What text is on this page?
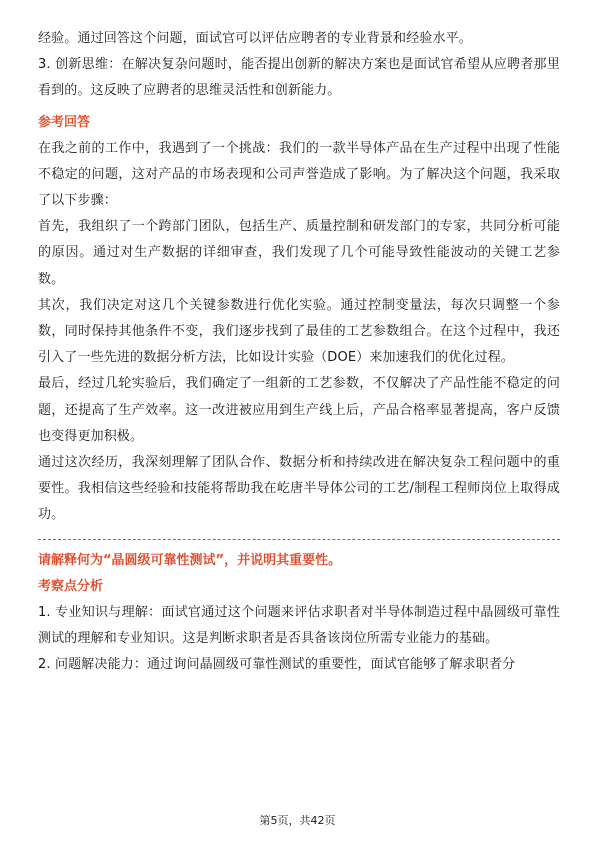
经验。通过回答这个问题，面试官可以评估应聘者的专业背景和经验水平。

3. 创新思维：在解决复杂问题时，能否提出创新的解决方案也是面试官希望从应聘者那里看到的。这反映了应聘者的思维灵活性和创新能力。

参考回答

在我之前的工作中，我遇到了一个挑战：我们的一款半导体产品在生产过程中出现了性能不稳定的问题，这对产品的市场表现和公司声誉造成了影响。为了解决这个问题，我采取了以下步骤：

首先，我组织了一个跨部门团队，包括生产、质量控制和研发部门的专家，共同分析可能的原因。通过对生产数据的详细审查，我们发现了几个可能导致性能波动的关键工艺参数。

其次，我们决定对这几个关键参数进行优化实验。通过控制变量法，每次只调整一个参数，同时保持其他条件不变，我们逐步找到了最佳的工艺参数组合。在这个过程中，我还引入了一些先进的数据分析方法，比如设计实验（DOE）来加速我们的优化过程。

最后，经过几轮实验后，我们确定了一组新的工艺参数，不仅解决了产品性能不稳定的问题，还提高了生产效率。这一改进被应用到生产线上后，产品合格率显著提高，客户反馈也变得更加积极。

通过这次经历，我深刻理解了团队合作、数据分析和持续改进在解决复杂工程问题中的重要性。我相信这些经验和技能将帮助我在屹唐半导体公司的工艺/制程工程师岗位上取得成功。

请解释何为“晶圆级可靠性测试”，并说明其重要性。
考察点分析

1. 专业知识与理解：面试官通过这个问题来评估求职者对半导体制造过程中晶圆级可靠性测试的理解和专业知识。这是判断求职者是否具备该岗位所需专业能力的基础。

2. 问题解决能力：通过询问晶圆级可靠性测试的重要性，面试官能够了解求职者分

第5页，共42页
